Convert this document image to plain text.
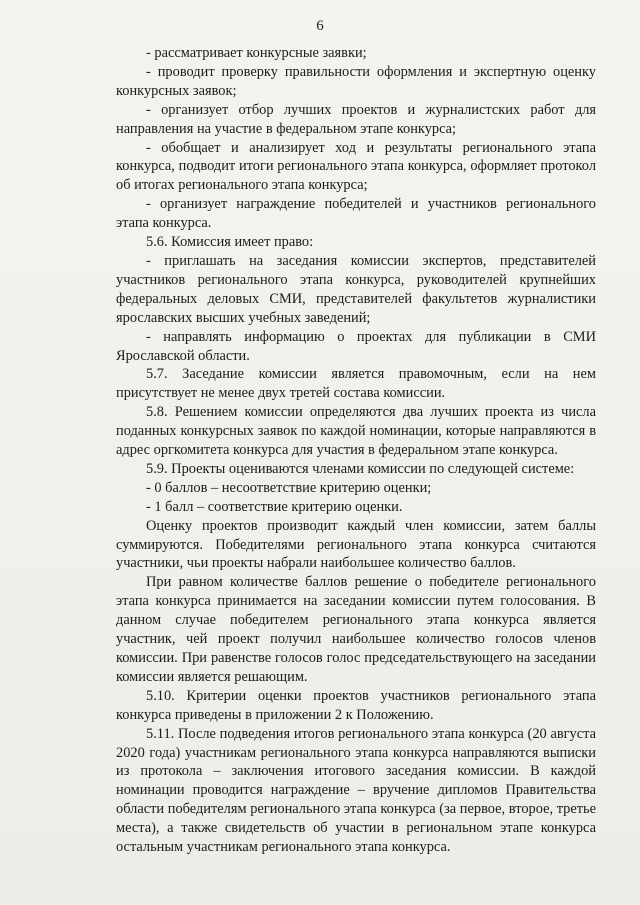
6

- рассматривает конкурсные заявки;

- проводит проверку правильности оформления и экспертную оценку конкурсных заявок;

- организует отбор лучших проектов и журналистских работ для направления на участие в федеральном этапе конкурса;

- обобщает и анализирует ход и результаты регионального этапа конкурса, подводит итоги регионального этапа конкурса, оформляет протокол об итогах регионального этапа конкурса;

- организует награждение победителей и участников регионального этапа конкурса.

5.6. Комиссия имеет право:

- приглашать на заседания комиссии экспертов, представителей участников регионального этапа конкурса, руководителей крупнейших федеральных деловых СМИ, представителей факультетов журналистики ярославских высших учебных заведений;

- направлять информацию о проектах для публикации в СМИ Ярославской области.

5.7. Заседание комиссии является правомочным, если на нем присутствует не менее двух третей состава комиссии.

5.8. Решением комиссии определяются два лучших проекта из числа поданных конкурсных заявок по каждой номинации, которые направляются в адрес оргкомитета конкурса для участия в федеральном этапе конкурса.

5.9. Проекты оцениваются членами комиссии по следующей системе:

- 0 баллов – несоответствие критерию оценки;

- 1 балл – соответствие критерию оценки.

Оценку проектов производит каждый член комиссии, затем баллы суммируются. Победителями регионального этапа конкурса считаются участники, чьи проекты набрали наибольшее количество баллов.

При равном количестве баллов решение о победителе регионального этапа конкурса принимается на заседании комиссии путем голосования. В данном случае победителем регионального этапа конкурса является участник, чей проект получил наибольшее количество голосов членов комиссии. При равенстве голосов голос председательствующего на заседании комиссии является решающим.

5.10. Критерии оценки проектов участников регионального этапа конкурса приведены в приложении 2 к Положению.

5.11. После подведения итогов регионального этапа конкурса (20 августа 2020 года) участникам регионального этапа конкурса направляются выписки из протокола – заключения итогового заседания комиссии. В каждой номинации проводится награждение – вручение дипломов Правительства области победителям регионального этапа конкурса (за первое, второе, третье места), а также свидетельств об участии в региональном этапе конкурса остальным участникам регионального этапа конкурса.
